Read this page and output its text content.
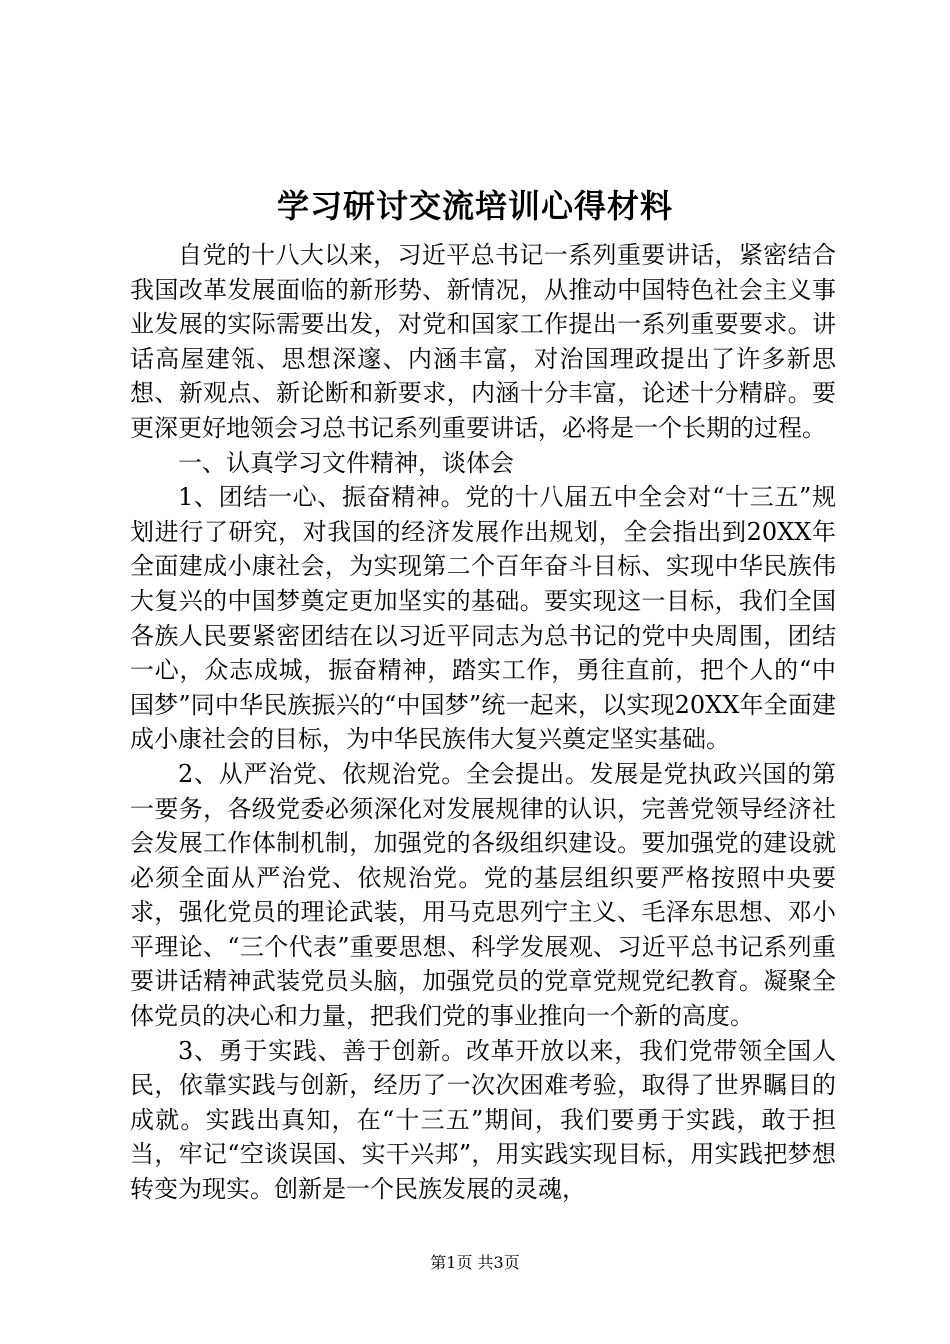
学习研讨交流培训心得材料

自党的十八大以来，习近平总书记一系列重要讲话，紧密结合我国改革发展面临的新形势、新情况，从推动中国特色社会主义事业发展的实际需要出发，对党和国家工作提出一系列重要要求。讲话高屋建瓴、思想深邃、内涵丰富，对治国理政提出了许多新思想、新观点、新论断和新要求，内涵十分丰富，论述十分精辟。要更深更好地领会习总书记系列重要讲话，必将是一个长期的过程。

一、认真学习文件精神，谈体会

1、团结一心、振奋精神。党的十八届五中全会对“十三五”规划进行了研究，对我国的经济发展作出规划，全会指出到20XX年全面建成小康社会，为实现第二个百年奋斗目标、实现中华民族伟大复兴的中国梦奠定更加坚实的基础。要实现这一目标，我们全国各族人民要紧密团结在以习近平同志为总书记的党中央周围，团结一心，众志成城，振奋精神，踏实工作，勇往直前，把个人的“中国梦”同中华民族振兴的“中国梦”统一起来，以实现20XX年全面建成小康社会的目标，为中华民族伟大复兴奠定坚实基础。

2、从严治党、依规治党。全会提出。发展是党执政兴国的第一要务，各级党委必须深化对发展规律的认识，完善党领导经济社会发展工作体制机制，加强党的各级组织建设。要加强党的建设就必须全面从严治党、依规治党。党的基层组织要严格按照中央要求，强化党员的理论武装，用马克思列宁主义、毛泽东思想、邓小平理论、“三个代表”重要思想、科学发展观、习近平总书记系列重要讲话精神武装党员头脑，加强党员的党章党规党纪教育。凝聚全体党员的决心和力量，把我们党的事业推向一个新的高度。

3、勇于实践、善于创新。改革开放以来，我们党带领全国人民，依靠实践与创新，经历了一次次困难考验，取得了世界瞩目的成就。实践出真知，在“十三五”期间，我们要勇于实践，敢于担当，牢记“空谈误国、实干兴邦”，用实践实现目标，用实践把梦想转变为现实。创新是一个民族发展的灵魂，

第1页 共3页
